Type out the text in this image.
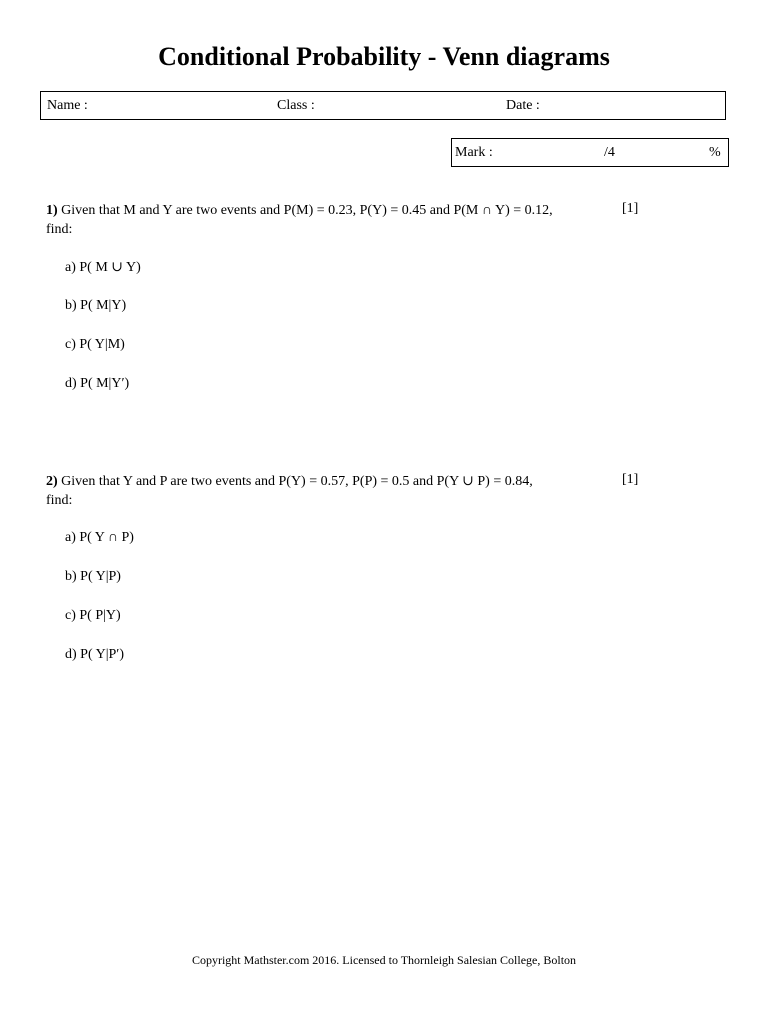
Conditional Probability - Venn diagrams
Name :	Class :	Date :
Mark :	/4	%
1) Given that M and Y are two events and P(M) = 0.23, P(Y) = 0.45 and P(M ∩ Y) = 0.12,
find:
[1]
a) P( M ∪ Y)
b) P( M|Y)
c) P( Y|M)
d) P( M|Y′)
2) Given that Y and P are two events and P(Y) = 0.57, P(P) = 0.5 and P(Y ∪ P) = 0.84,
find:
[1]
a) P( Y ∩ P)
b) P( Y|P)
c) P( P|Y)
d) P( Y|P′)
Copyright Mathster.com 2016. Licensed to Thornleigh Salesian College, Bolton
